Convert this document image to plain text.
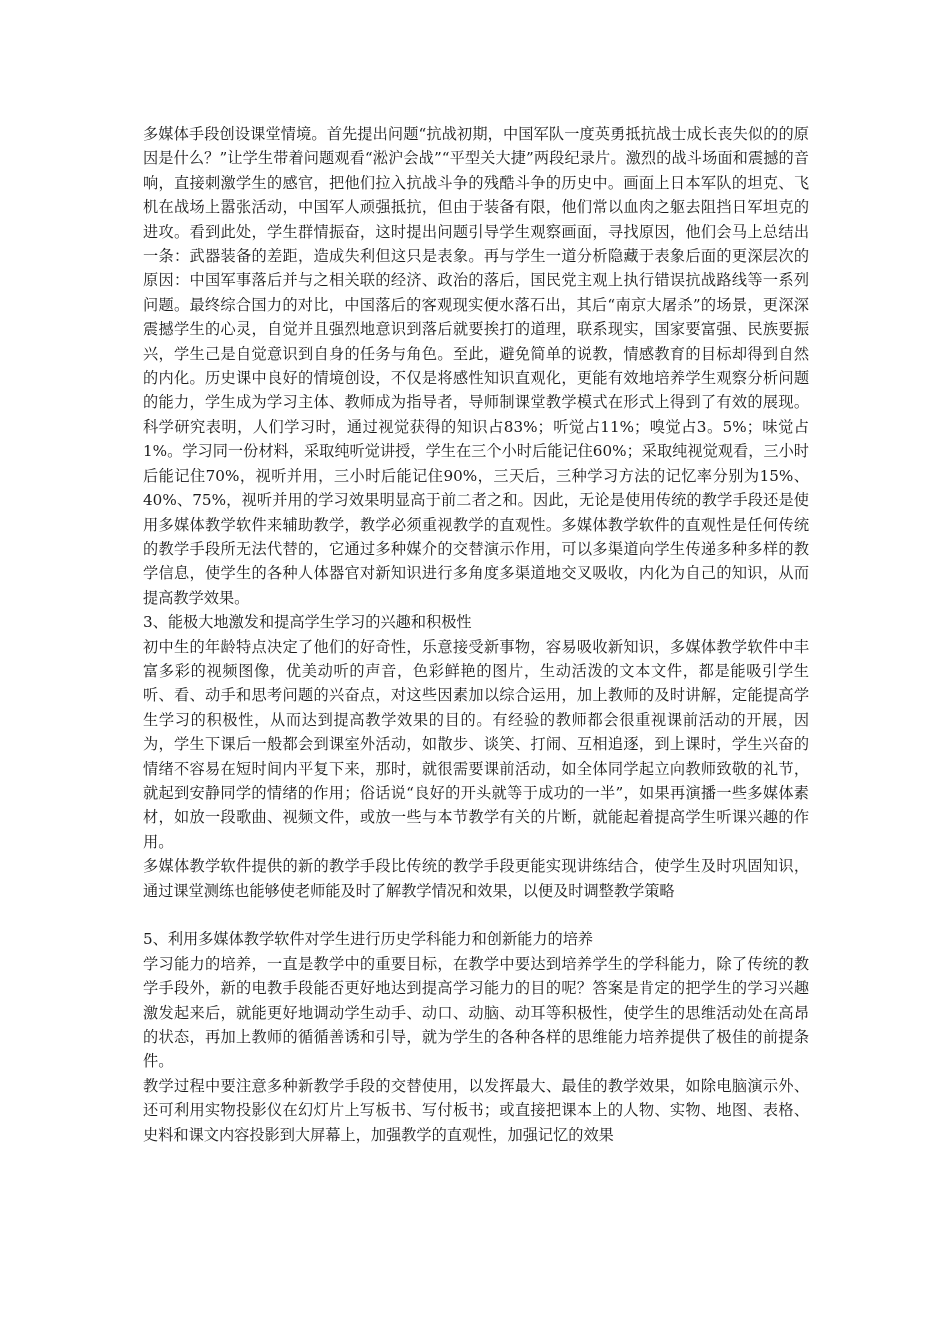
多媒体手段创设课堂情境。首先提出问题“抗战初期，中国军队一度英勇抵抗战士成长丧失似的的原因是什么？”让学生带着问题观看“淞沪会战”“平型关大捷”两段纪录片。激烈的战斗场面和震撼的音响，直接刺激学生的感官，把他们拉入抗战斗争的残酷斗争的历史中。画面上日本军队的坦克、飞机在战场上嚣张活动，中国军人顽强抵抗，但由于装备有限，他们常以血肉之躯去阻挡日军坦克的进攻。看到此处，学生群情振奋，这时提出问题引导学生观察画面，寻找原因，他们会马上总结出一条：武器装备的差距，造成失利但这只是表象。再与学生一道分析隐藏于表象后面的更深层次的原因：中国军事落后并与之相关联的经济、政治的落后，国民党主观上执行错误抗战路线等一系列问题。最终综合国力的对比，中国落后的客观现实便水落石出，其后“南京大屠杀”的场景，更深深震撼学生的心灵，自觉并且强烈地意识到落后就要挨打的道理，联系现实，国家要富强、民族要振兴，学生己是自觉意识到自身的任务与角色。至此，避免简单的说教，情感教育的目标却得到自然的内化。历史课中良好的情境创设，不仅是将感性知识直观化，更能有效地培养学生观察分析问题的能力，学生成为学习主体、教师成为指导者，导师制课堂教学模式在形式上得到了有效的展现。科学研究表明，人们学习时，通过视觉获得的知识占83%；听觉占11%；嗅觉占3。5%；味觉占1%。学习同一份材料，采取纯听觉讲授，学生在三个小时后能记住60%；采取纯视觉观看，三小时后能记住70%，视听并用，三小时后能记住90%，三天后，三种学习方法的记忆率分别为15%、40%、75%，视听并用的学习效果明显高于前二者之和。因此，无论是使用传统的教学手段还是使用多媒体教学软件来辅助教学，教学必须重视教学的直观性。多媒体教学软件的直观性是任何传统的教学手段所无法代替的，它通过多种媒介的交替演示作用，可以多渠道向学生传递多种多样的教学信息，使学生的各种人体器官对新知识进行多角度多渠道地交叉吸收，内化为自己的知识，从而提高教学效果。

3、能极大地激发和提高学生学习的兴趣和积极性

初中生的年龄特点决定了他们的好奇性，乐意接受新事物，容易吸收新知识，多媒体教学软件中丰富多彩的视频图像，优美动听的声音，色彩鲜艳的图片，生动活泼的文本文件，都是能吸引学生听、看、动手和思考问题的兴奋点，对这些因素加以综合运用，加上教师的及时讲解，定能提高学生学习的积极性，从而达到提高教学效果的目的。有经验的教师都会很重视课前活动的开展，因为，学生下课后一般都会到课室外活动，如散步、谈笑、打闹、互相追逐，到上课时，学生兴奋的情绪不容易在短时间内平复下来，那时，就很需要课前活动，如全体同学起立向教师致敬的礼节，就起到安静同学的情绪的作用；俗话说“良好的开头就等于成功的一半”，如果再演播一些多媒体素材，如放一段歌曲、视频文件，或放一些与本节教学有关的片断，就能起着提高学生听课兴趣的作用。

多媒体教学软件提供的新的教学手段比传统的教学手段更能实现讲练结合，使学生及时巩固知识，通过课堂测练也能够使老师能及时了解教学情况和效果，以便及时调整教学策略

5、利用多媒体教学软件对学生进行历史学科能力和创新能力的培养

学习能力的培养，一直是教学中的重要目标，在教学中要达到培养学生的学科能力，除了传统的教学手段外，新的电教手段能否更好地达到提高学习能力的目的呢？答案是肯定的把学生的学习兴趣激发起来后，就能更好地调动学生动手、动口、动脑、动耳等积极性，使学生的思维活动处在高昂的状态，再加上教师的循循善诱和引导，就为学生的各种各样的思维能力培养提供了极佳的前提条件。

教学过程中要注意多种新教学手段的交替使用，以发挥最大、最佳的教学效果，如除电脑演示外、还可利用实物投影仪在幻灯片上写板书、写付板书；或直接把课本上的人物、实物、地图、表格、史料和课文内容投影到大屏幕上，加强教学的直观性，加强记忆的效果
